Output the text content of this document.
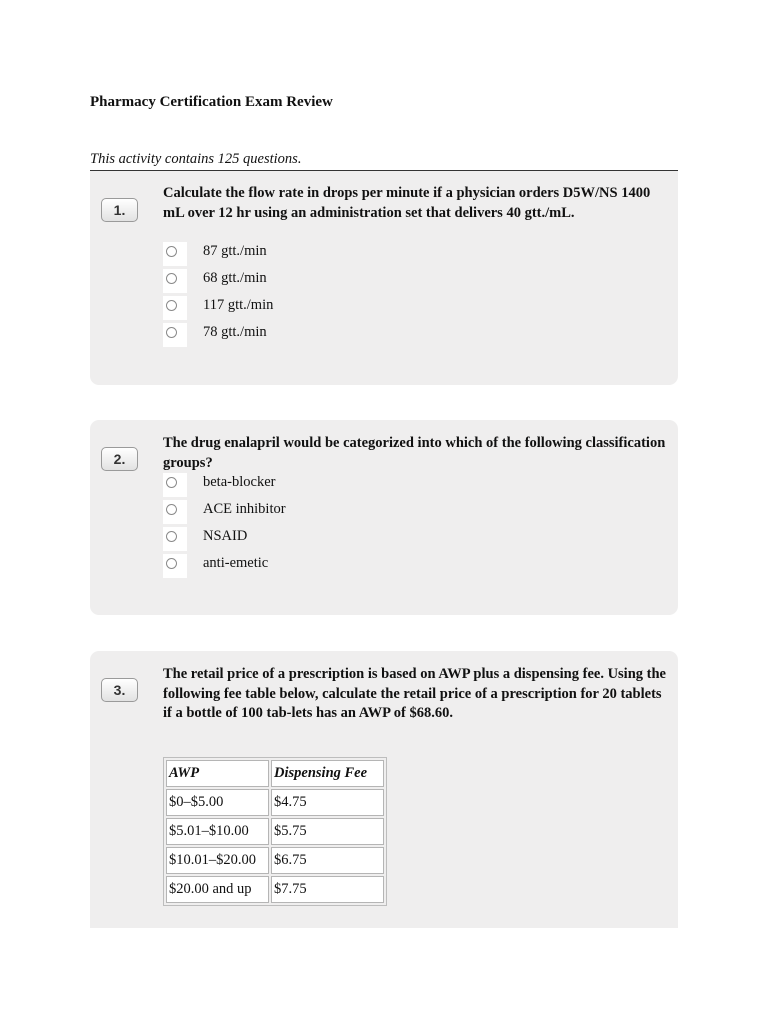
Pharmacy Certification Exam Review
This activity contains 125 questions.
1.
Calculate the flow rate in drops per minute if a physician orders D5W/NS 1400 mL over 12 hr using an administration set that delivers 40 gtt./mL.
87 gtt./min
68 gtt./min
117 gtt./min
78 gtt./min
2.
The drug enalapril would be categorized into which of the following classification groups?
beta-blocker
ACE inhibitor
NSAID
anti-emetic
3.
The retail price of a prescription is based on AWP plus a dispensing fee. Using the following fee table below, calculate the retail price of a prescription for 20 tablets if a bottle of 100 tab-lets has an AWP of $68.60.
AWP	Dispensing Fee
$0–$5.00	$4.75
$5.01–$10.00	$5.75
$10.01–$20.00	$6.75
$20.00 and up	$7.75
